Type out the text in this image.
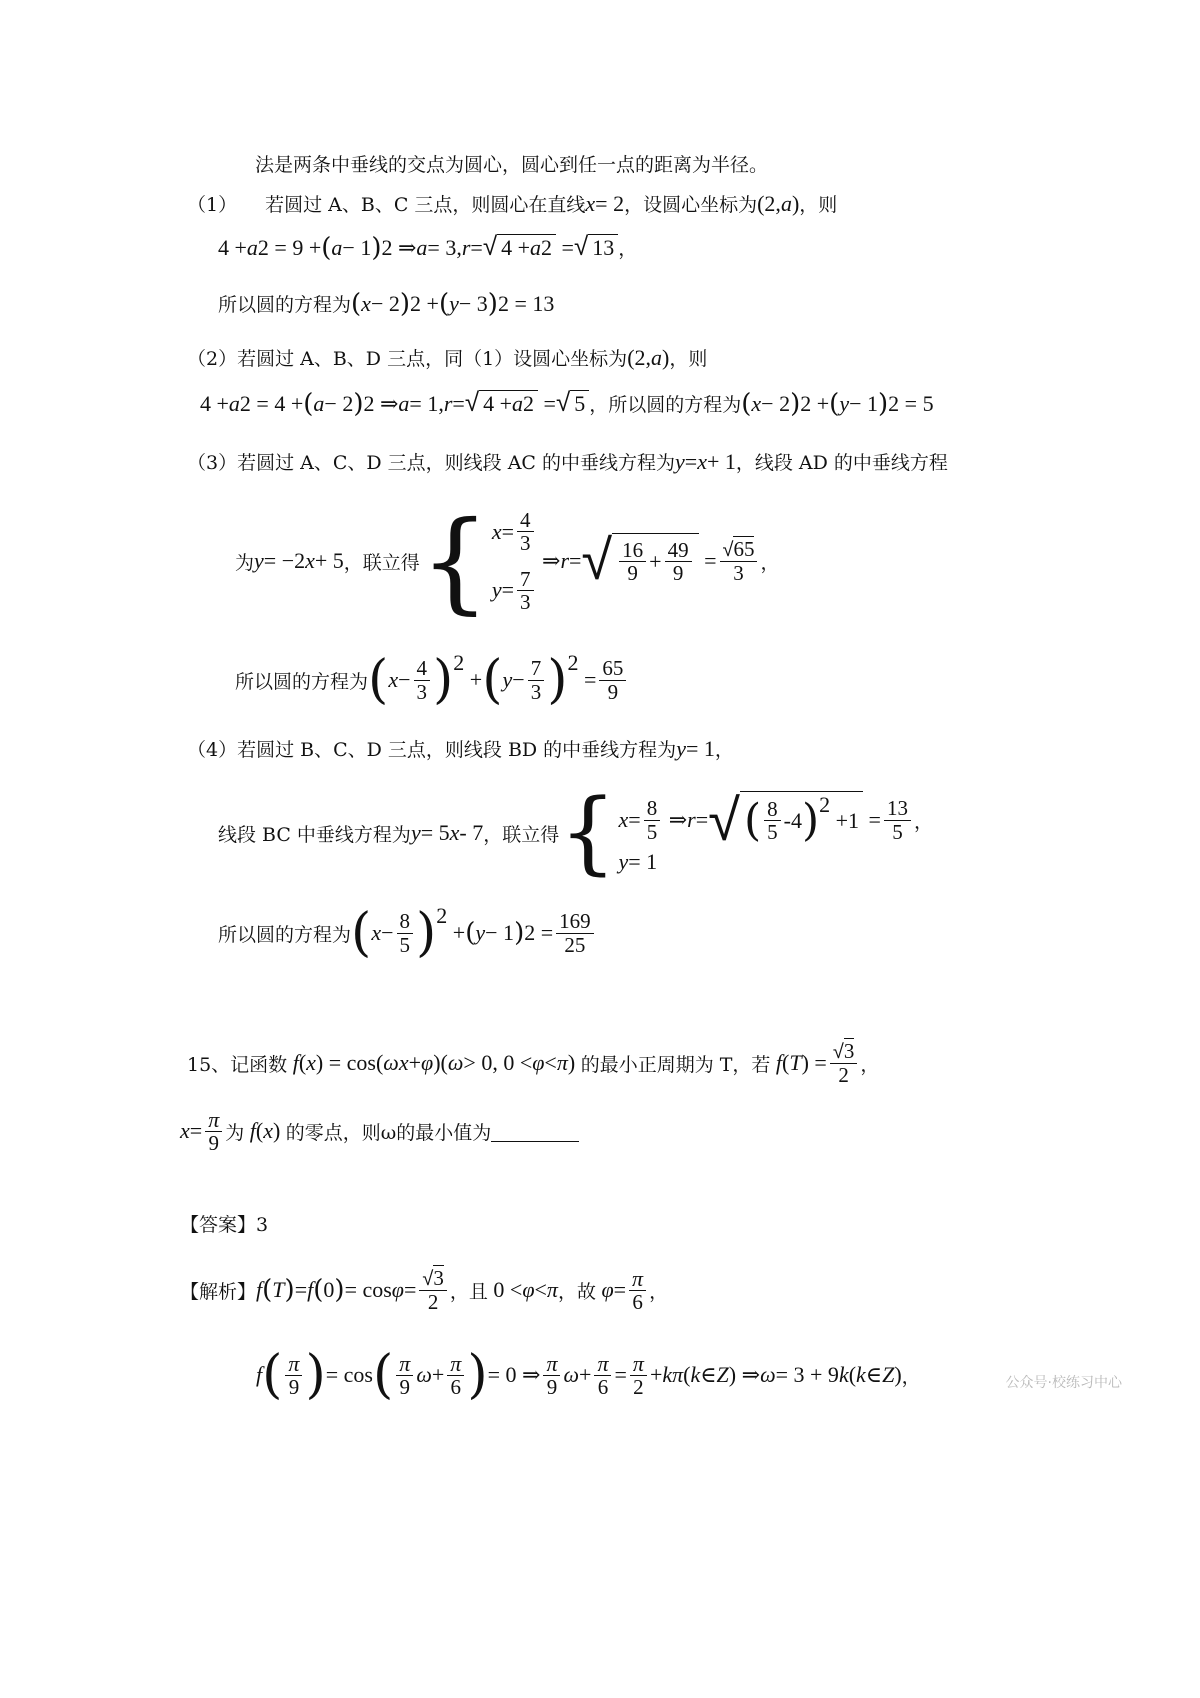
法是两条中垂线的交点为圆心，圆心到任一点的距离为半径。
（1） 若圆过 A、B、C 三点，则圆心在直线 x = 2 ，设圆心坐标为 (2, a ) ，则
4 + a 2 = 9 + ( a − 1 ) 2 ⇒ a = 3, r = √ 4 + a 2 = √ 13 ，
所以圆的方程为 ( x − 2 ) 2 + ( y − 3 ) 2 = 13
（2）若圆过 A、B、D 三点，同（1）设圆心坐标为 (2, a ) ，则
4 + a 2 = 4 + ( a − 2 ) 2 ⇒ a = 1, r = √ 4 + a 2 = √ 5 ，所以圆的方程为 ( x − 2 ) 2 + ( y − 1 ) 2 = 5
（3）若圆过 A、C、D 三点，则线段 AC 的中垂线方程为 y = x + 1 ，线段 AD 的中垂线方程
为 y = −2 x + 5 ，联立得 { $x = \frac{4}{3}$
$y = \frac{7}{3}$
⇒ r = √ $\frac{16}{9} + \frac{49}{9} = \frac{√65}{3}$ ，
所以圆的方程为 ( $x - \frac{4}{3}$ ) 2
+ ( $y - \frac{7}{3}$ ) 2
= $\frac{65}{9}$
（4）若圆过 B、C、D 三点，则线段 BD 的中垂线方程为 y = 1 ，
线段 BC 中垂线方程为 y = 5 x - 7 ，联立得 { $x = \frac{8}{5}$ ⇒ r = √ ( $\frac{8}{5} -4$ ) 2
$+1 = \frac{13}{5}$ ，
y = 1
所以圆的方程为 ( $x - \frac{8}{5}$ ) 2
+ ( y − 1 ) $2 = \frac{169}{25}$
15、记函数 f ( x ) = cos( ωx + φ )( ω > 0, 0 < φ < π ) 的最小正周期为 T，若 f ( T ) = $\frac{√3}{2}$ ，
$x = \frac{\pi}{9}$ 为 f ( x ) 的零点，则ω的最小值为
【答案】3
【解析】 f ( T ) = f ( 0 ) = $\cos \varphi = \frac{√3}{2}$ ，且 0 < φ < π ，故 $\varphi = \frac{\pi}{6}$ ，
f ( $\frac{\pi}{9}$ ) = cos ( $\frac{\pi}{9}$ $\omega + \frac{\pi}{6}$ ) = 0 ⇒ $\frac{\pi}{9}$ $\omega + \frac{\pi}{6} = \frac{\pi}{2} + k\pi$ ( k ∈ Z ) ⇒ ω = 3 + 9 k ( k ∈ Z ) ，	公众号·校练习中心
